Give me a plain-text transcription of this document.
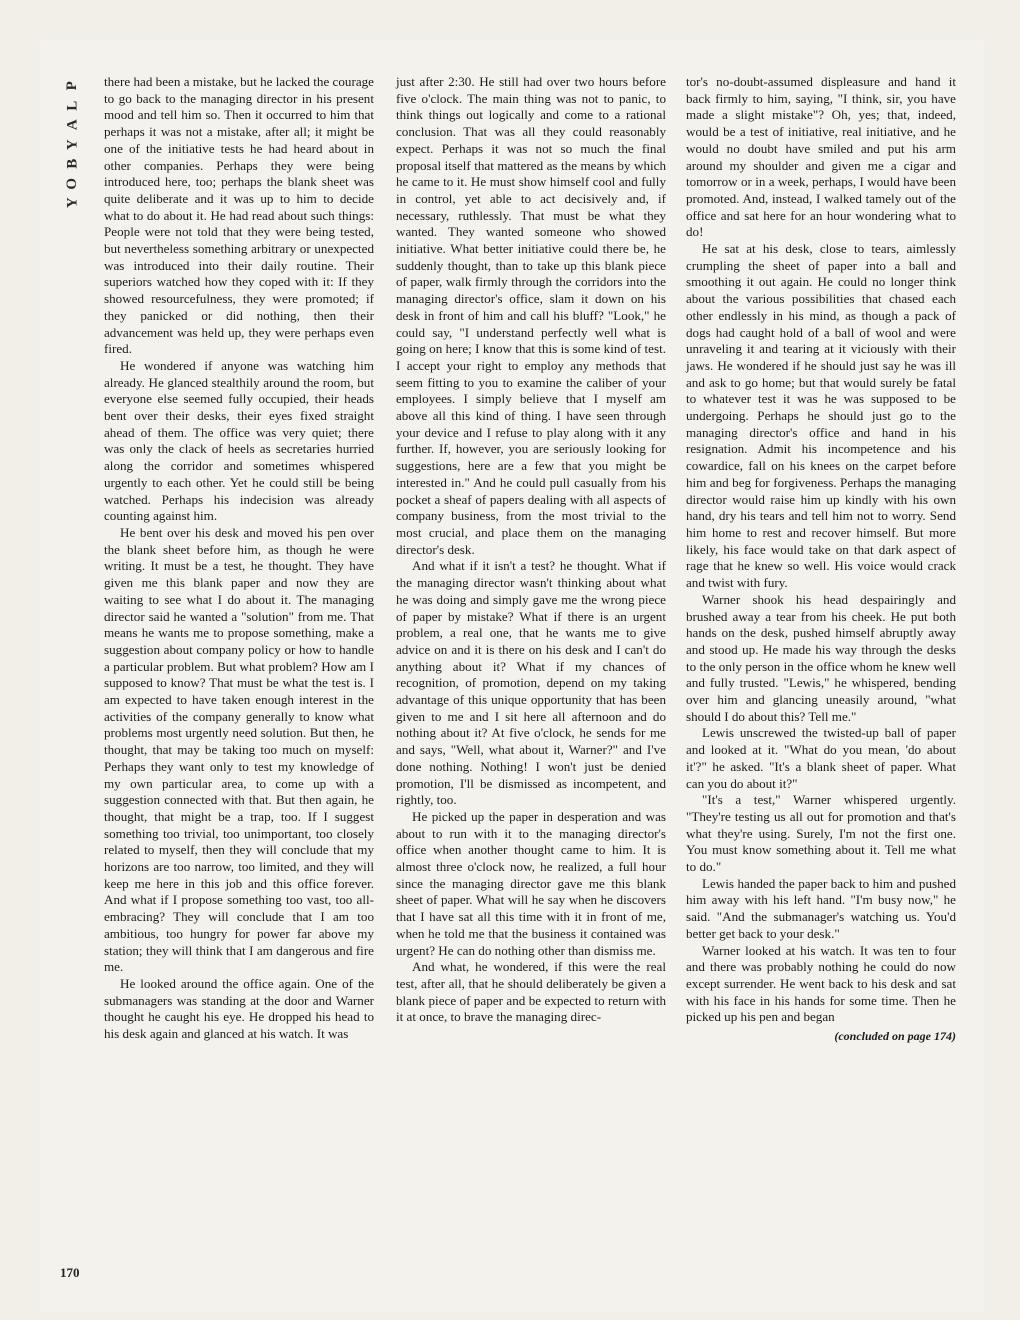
P
L
A
Y
B
O
Y

there had been a mistake, but he lacked the courage to go back to the managing director in his present mood and tell him so. Then it occurred to him that perhaps it was not a mistake, after all; it might be one of the initiative tests he had heard about in other companies. Perhaps they were being introduced here, too; perhaps the blank sheet was quite deliberate and it was up to him to decide what to do about it. He had read about such things: People were not told that they were being tested, but nevertheless something arbitrary or unexpected was introduced into their daily routine. Their superiors watched how they coped with it: If they showed resourcefulness, they were promoted; if they panicked or did nothing, then their advancement was held up, they were perhaps even fired.

He wondered if anyone was watching him already. He glanced stealthily around the room, but everyone else seemed fully occupied, their heads bent over their desks, their eyes fixed straight ahead of them. The office was very quiet; there was only the clack of heels as secretaries hurried along the corridor and sometimes whispered urgently to each other. Yet he could still be being watched. Perhaps his indecision was already counting against him.

He bent over his desk and moved his pen over the blank sheet before him, as though he were writing. It must be a test, he thought. They have given me this blank paper and now they are waiting to see what I do about it. The managing director said he wanted a "solution" from me. That means he wants me to propose something, make a suggestion about company policy or how to handle a particular problem. But what problem? How am I supposed to know? That must be what the test is. I am expected to have taken enough interest in the activities of the company generally to know what problems most urgently need solution. But then, he thought, that may be taking too much on myself: Perhaps they want only to test my knowledge of my own particular area, to come up with a suggestion connected with that. But then again, he thought, that might be a trap, too. If I suggest something too trivial, too unimportant, too closely related to myself, then they will conclude that my horizons are too narrow, too limited, and they will keep me here in this job and this office forever. And what if I propose something too vast, too all-embracing? They will conclude that I am too ambitious, too hungry for power far above my station; they will think that I am dangerous and fire me.

He looked around the office again. One of the submanagers was standing at the door and Warner thought he caught his eye. He dropped his head to his desk again and glanced at his watch. It was

just after 2:30. He still had over two hours before five o'clock. The main thing was not to panic, to think things out logically and come to a rational conclusion. That was all they could reasonably expect. Perhaps it was not so much the final proposal itself that mattered as the means by which he came to it. He must show himself cool and fully in control, yet able to act decisively and, if necessary, ruthlessly. That must be what they wanted. They wanted someone who showed initiative. What better initiative could there be, he suddenly thought, than to take up this blank piece of paper, walk firmly through the corridors into the managing director's office, slam it down on his desk in front of him and call his bluff? "Look," he could say, "I understand perfectly well what is going on here; I know that this is some kind of test. I accept your right to employ any methods that seem fitting to you to examine the caliber of your employees. I simply believe that I myself am above all this kind of thing. I have seen through your device and I refuse to play along with it any further. If, however, you are seriously looking for suggestions, here are a few that you might be interested in." And he could pull casually from his pocket a sheaf of papers dealing with all aspects of company business, from the most trivial to the most crucial, and place them on the managing director's desk.

And what if it isn't a test? he thought. What if the managing director wasn't thinking about what he was doing and simply gave me the wrong piece of paper by mistake? What if there is an urgent problem, a real one, that he wants me to give advice on and it is there on his desk and I can't do anything about it? What if my chances of recognition, of promotion, depend on my taking advantage of this unique opportunity that has been given to me and I sit here all afternoon and do nothing about it? At five o'clock, he sends for me and says, "Well, what about it, Warner?" and I've done nothing. Nothing! I won't just be denied promotion, I'll be dismissed as incompetent, and rightly, too.

He picked up the paper in desperation and was about to run with it to the managing director's office when another thought came to him. It is almost three o'clock now, he realized, a full hour since the managing director gave me this blank sheet of paper. What will he say when he discovers that I have sat all this time with it in front of me, when he told me that the business it contained was urgent? He can do nothing other than dismiss me.

And what, he wondered, if this were the real test, after all, that he should deliberately be given a blank piece of paper and be expected to return with it at once, to brave the managing direc-

tor's no-doubt-assumed displeasure and hand it back firmly to him, saying, "I think, sir, you have made a slight mistake"? Oh, yes; that, indeed, would be a test of initiative, real initiative, and he would no doubt have smiled and put his arm around my shoulder and given me a cigar and tomorrow or in a week, perhaps, I would have been promoted. And, instead, I walked tamely out of the office and sat here for an hour wondering what to do!

He sat at his desk, close to tears, aimlessly crumpling the sheet of paper into a ball and smoothing it out again. He could no longer think about the various possibilities that chased each other endlessly in his mind, as though a pack of dogs had caught hold of a ball of wool and were unraveling it and tearing at it viciously with their jaws. He wondered if he should just say he was ill and ask to go home; but that would surely be fatal to whatever test it was he was supposed to be undergoing. Perhaps he should just go to the managing director's office and hand in his resignation. Admit his incompetence and his cowardice, fall on his knees on the carpet before him and beg for forgiveness. Perhaps the managing director would raise him up kindly with his own hand, dry his tears and tell him not to worry. Send him home to rest and recover himself. But more likely, his face would take on that dark aspect of rage that he knew so well. His voice would crack and twist with fury.

Warner shook his head despairingly and brushed away a tear from his cheek. He put both hands on the desk, pushed himself abruptly away and stood up. He made his way through the desks to the only person in the office whom he knew well and fully trusted. "Lewis," he whispered, bending over him and glancing uneasily around, "what should I do about this? Tell me."

Lewis unscrewed the twisted-up ball of paper and looked at it. "What do you mean, 'do about it'?" he asked. "It's a blank sheet of paper. What can you do about it?"

"It's a test," Warner whispered urgently. "They're testing us all out for promotion and that's what they're using. Surely, I'm not the first one. You must know something about it. Tell me what to do."

Lewis handed the paper back to him and pushed him away with his left hand. "I'm busy now," he said. "And the submanager's watching us. You'd better get back to your desk."

Warner looked at his watch. It was ten to four and there was probably nothing he could do now except surrender. He went back to his desk and sat with his face in his hands for some time. Then he picked up his pen and began

(concluded on page 174)
170
